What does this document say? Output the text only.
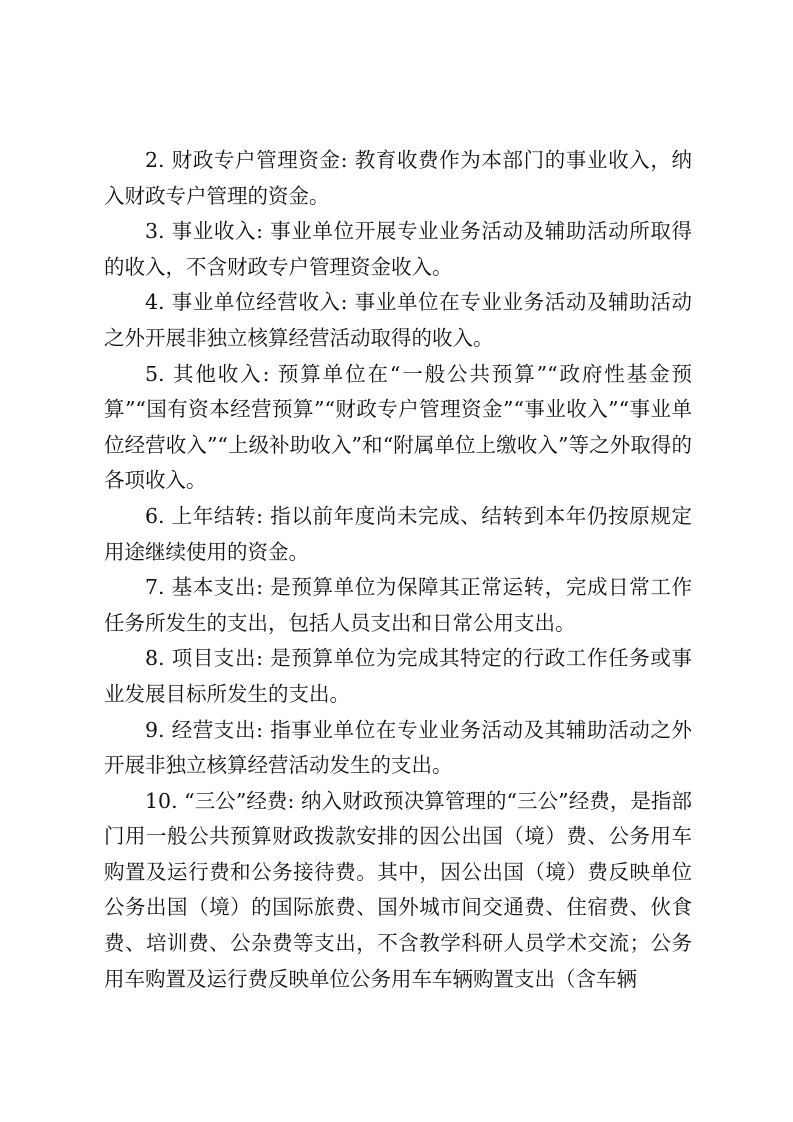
2. 财政专户管理资金: 教育收费作为本部门的事业收入，纳入财政专户管理的资金。

3. 事业收入: 事业单位开展专业业务活动及辅助活动所取得的收入，不含财政专户管理资金收入。

4. 事业单位经营收入: 事业单位在专业业务活动及辅助活动之外开展非独立核算经营活动取得的收入。

5. 其他收入: 预算单位在“一般公共预算”“政府性基金预算”“国有资本经营预算”“财政专户管理资金”“事业收入”“事业单位经营收入”“上级补助收入”和“附属单位上缴收入”等之外取得的各项收入。

6. 上年结转: 指以前年度尚未完成、结转到本年仍按原规定用途继续使用的资金。

7. 基本支出: 是预算单位为保障其正常运转，完成日常工作任务所发生的支出，包括人员支出和日常公用支出。

8. 项目支出: 是预算单位为完成其特定的行政工作任务或事业发展目标所发生的支出。

9. 经营支出: 指事业单位在专业业务活动及其辅助活动之外开展非独立核算经营活动发生的支出。

10. “三公”经费: 纳入财政预决算管理的“三公”经费，是指部门用一般公共预算财政拨款安排的因公出国（境）费、公务用车购置及运行费和公务接待费。其中，因公出国（境）费反映单位公务出国（境）的国际旅费、国外城市间交通费、住宿费、伙食费、培训费、公杂费等支出，不含教学科研人员学术交流；公务用车购置及运行费反映单位公务用车车辆购置支出（含车辆
